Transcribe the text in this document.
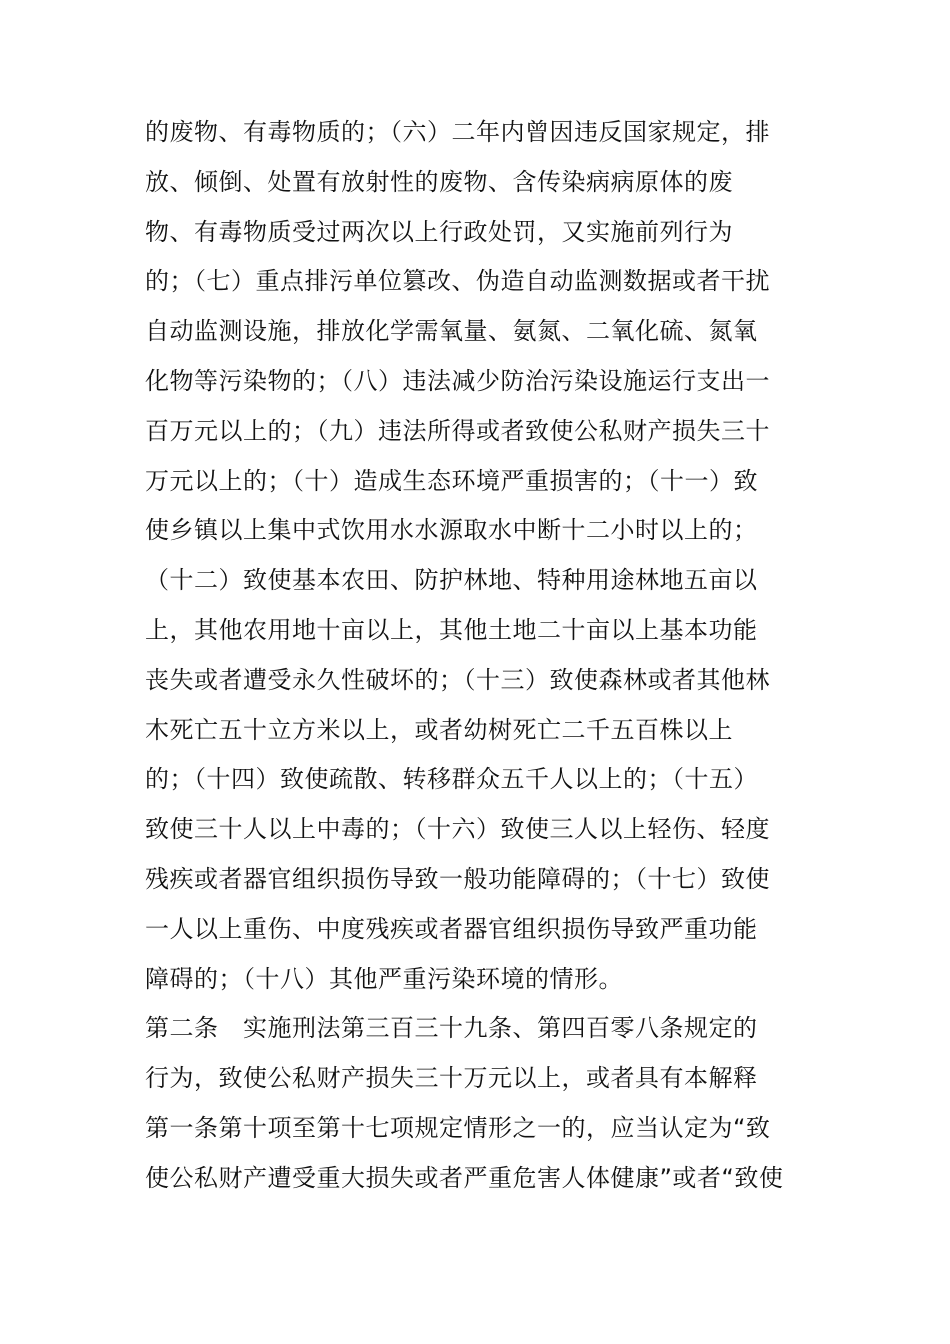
的废物、有毒物质的；（六）二年内曾因违反国家规定，排
放、倾倒、处置有放射性的废物、含传染病病原体的废
物、有毒物质受过两次以上行政处罚，又实施前列行为
的；（七）重点排污单位篡改、伪造自动监测数据或者干扰
自动监测设施，排放化学需氧量、氨氮、二氧化硫、氮氧
化物等污染物的；（八）违法减少防治污染设施运行支出一
百万元以上的；（九）违法所得或者致使公私财产损失三十
万元以上的；（十）造成生态环境严重损害的；（十一）致
使乡镇以上集中式饮用水水源取水中断十二小时以上的；
（十二）致使基本农田、防护林地、特种用途林地五亩以
上，其他农用地十亩以上，其他土地二十亩以上基本功能
丧失或者遭受永久性破坏的；（十三）致使森林或者其他林
木死亡五十立方米以上，或者幼树死亡二千五百株以上
的；（十四）致使疏散、转移群众五千人以上的；（十五）
致使三十人以上中毒的；（十六）致使三人以上轻伤、轻度
残疾或者器官组织损伤导致一般功能障碍的；（十七）致使
一人以上重伤、中度残疾或者器官组织损伤导致严重功能
障碍的；（十八）其他严重污染环境的情形。
第二条　实施刑法第三百三十九条、第四百零八条规定的
行为，致使公私财产损失三十万元以上，或者具有本解释
第一条第十项至第十七项规定情形之一的，应当认定为“致
使公私财产遭受重大损失或者严重危害人体健康”或者“致使
